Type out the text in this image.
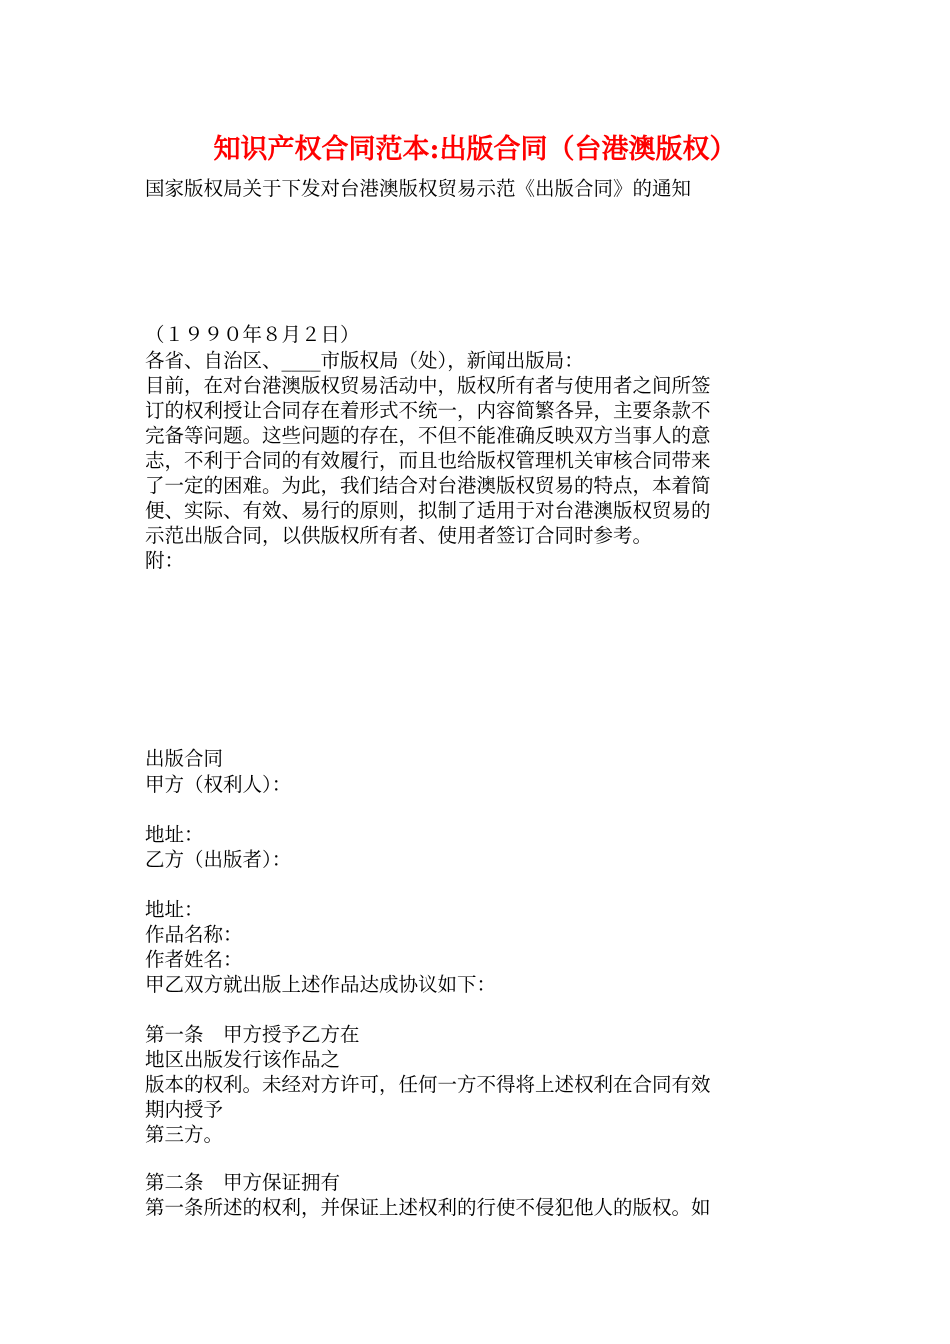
知识产权合同范本:出版合同（台港澳版权）
国家版权局关于下发对台港澳版权贸易示范《出版合同》的通知
（１９９０年８月２日）
各省、自治区、____市版权局（处），新闻出版局：
目前，在对台港澳版权贸易活动中，版权所有者与使用者之间所签
订的权利授让合同存在着形式不统一，内容简繁各异，主要条款不
完备等问题。这些问题的存在，不但不能准确反映双方当事人的意
志，不利于合同的有效履行，而且也给版权管理机关审核合同带来
了一定的困难。为此，我们结合对台港澳版权贸易的特点，本着简
便、实际、有效、易行的原则，拟制了适用于对台港澳版权贸易的
示范出版合同，以供版权所有者、使用者签订合同时参考。
附：
出版合同
甲方（权利人）：
地址：
乙方（出版者）：
地址：
作品名称：
作者姓名：
甲乙双方就出版上述作品达成协议如下：
第一条　甲方授予乙方在
地区出版发行该作品之
版本的权利。未经对方许可，任何一方不得将上述权利在合同有效
期内授予
第三方。
第二条　甲方保证拥有
第一条所述的权利，并保证上述权利的行使不侵犯他人的版权。如
